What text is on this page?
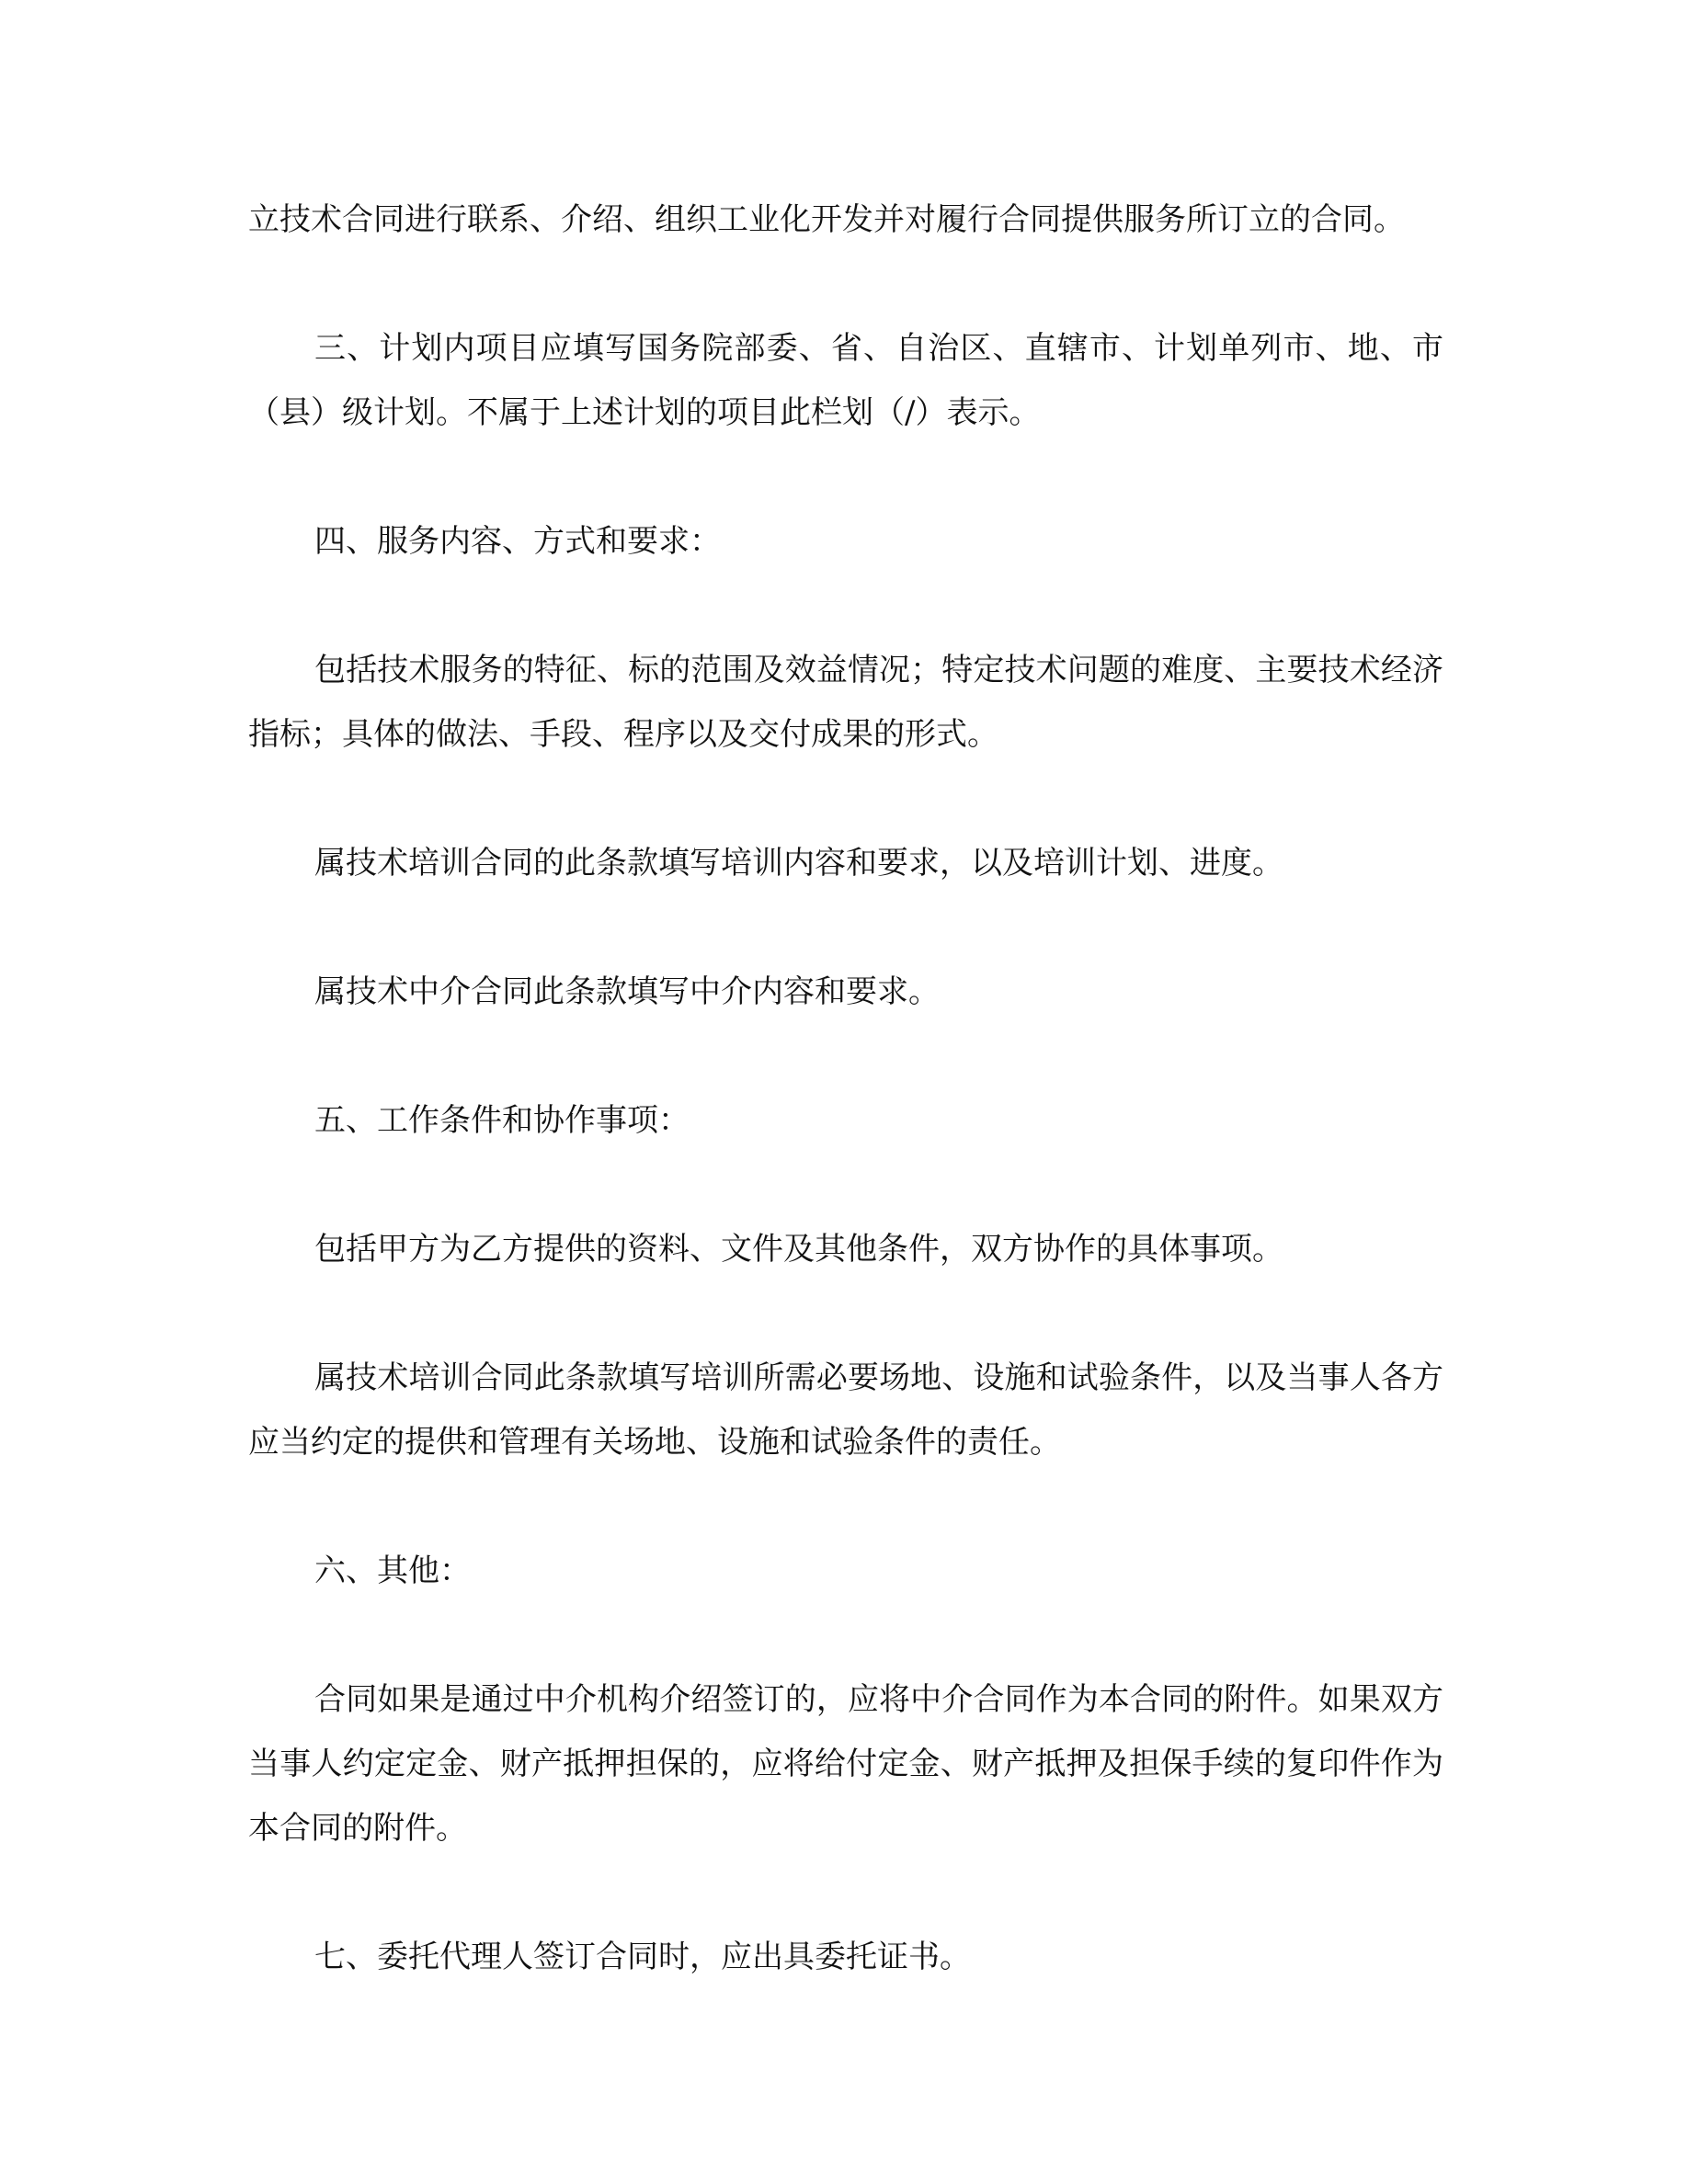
立技术合同进行联系、介绍、组织工业化开发并对履行合同提供服务所订立的合同。

三、计划内项目应填写国务院部委、省、自治区、直辖市、计划单列市、地、市（县）级计划。不属于上述计划的项目此栏划（/）表示。

四、服务内容、方式和要求：

包括技术服务的特征、标的范围及效益情况；特定技术问题的难度、主要技术经济指标；具体的做法、手段、程序以及交付成果的形式。

属技术培训合同的此条款填写培训内容和要求，以及培训计划、进度。

属技术中介合同此条款填写中介内容和要求。

五、工作条件和协作事项：

包括甲方为乙方提供的资料、文件及其他条件，双方协作的具体事项。

属技术培训合同此条款填写培训所需必要场地、设施和试验条件，以及当事人各方应当约定的提供和管理有关场地、设施和试验条件的责任。

六、其他：

合同如果是通过中介机构介绍签订的，应将中介合同作为本合同的附件。如果双方当事人约定定金、财产抵押担保的，应将给付定金、财产抵押及担保手续的复印件作为本合同的附件。

七、委托代理人签订合同时，应出具委托证书。
